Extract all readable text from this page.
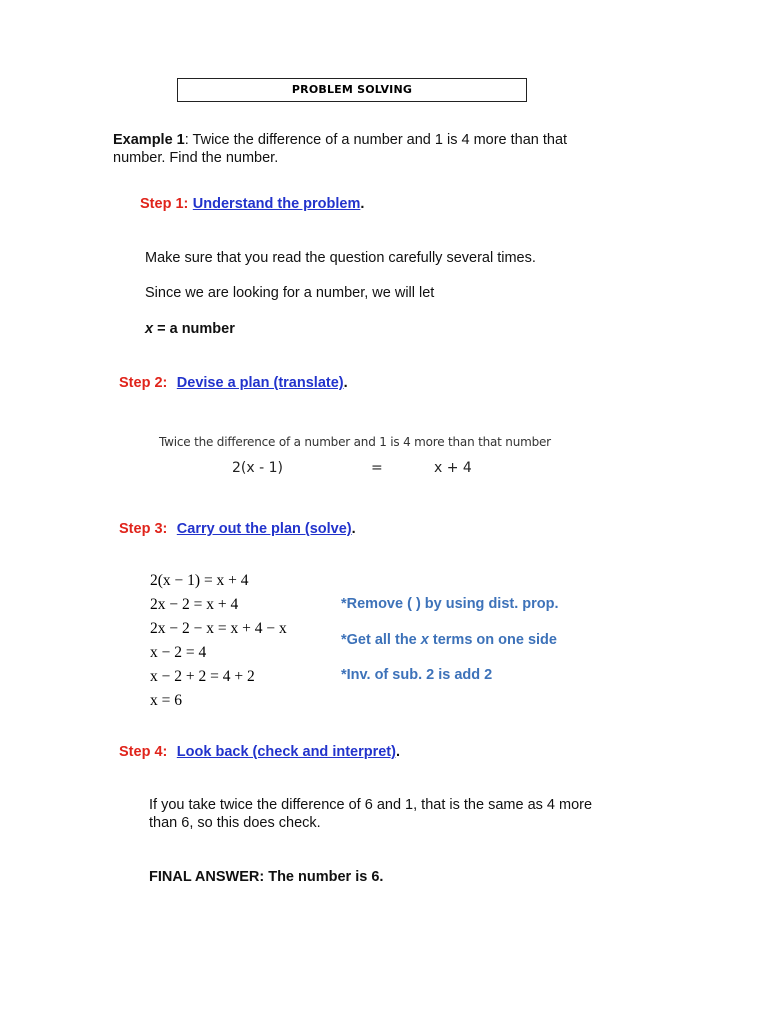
PROBLEM SOLVING
Example 1: Twice the difference of a number and 1 is 4 more than that
number. Find the number.
Step 1: Understand the problem.
Make sure that you read the question carefully several times.
Since we are looking for a number, we will let
x = a number
Step 2: Devise a plan (translate).
Twice the difference of a number and 1 is 4 more than that number
2(x - 1)	=	x + 4
Step 3: Carry out the plan (solve).
2(x − 1) = x + 4
2x − 2 = x + 4
2x − 2 − x = x + 4 − x
x − 2 = 4
x − 2 + 2 = 4 + 2
x = 6
*Remove ( ) by using dist. prop.
*Get all the x terms on one side
*Inv. of sub. 2 is add 2
Step 4: Look back (check and interpret).
If you take twice the difference of 6 and 1, that is the same as 4 more
than 6, so this does check.
FINAL ANSWER: The number is 6.
